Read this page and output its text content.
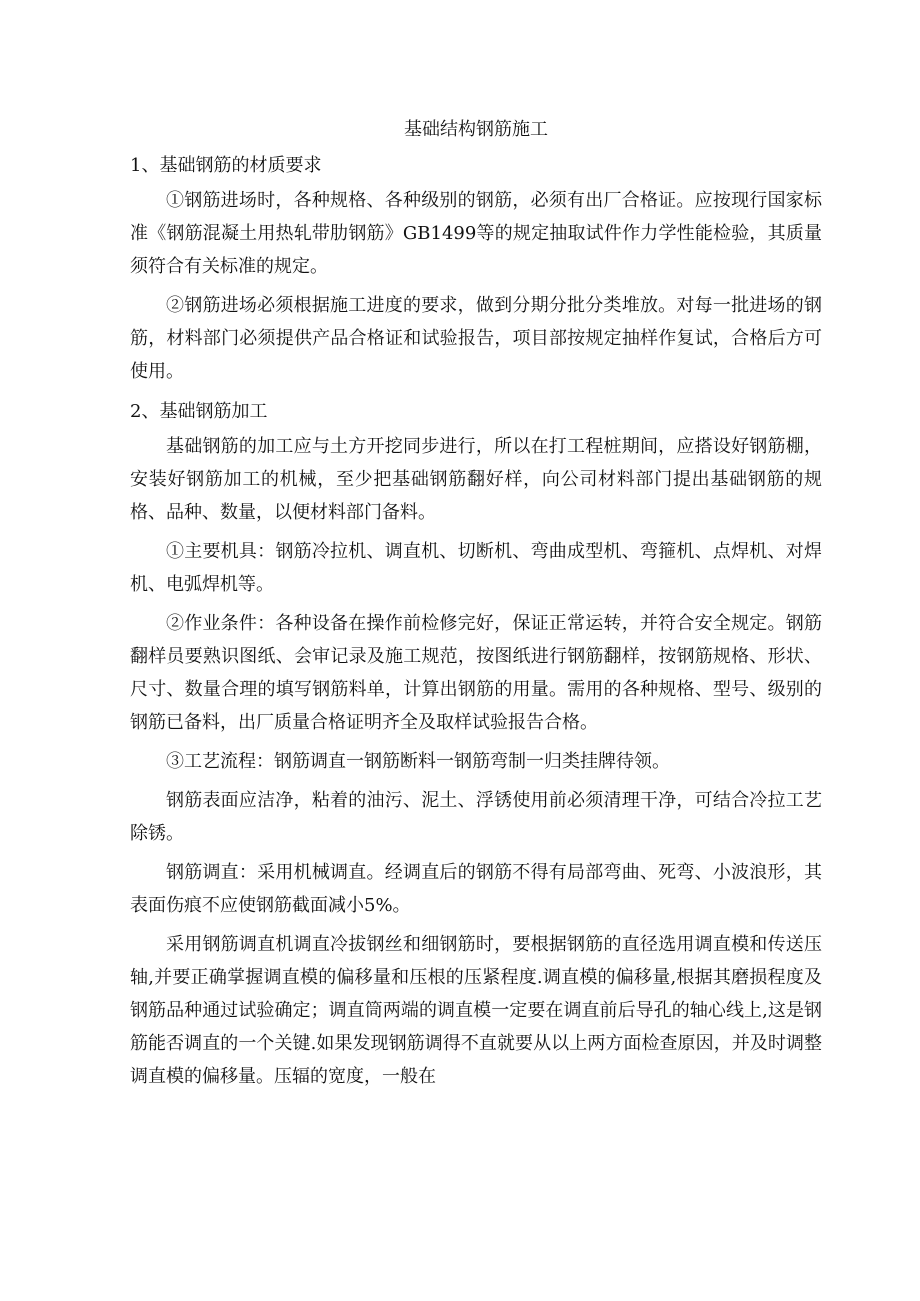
基础结构钢筋施工

1、基础钢筋的材质要求

①钢筋进场时，各种规格、各种级别的钢筋，必须有出厂合格证。应按现行国家标准《钢筋混凝土用热轧带肋钢筋》GB1499等的规定抽取试件作力学性能检验，其质量须符合有关标准的规定。

②钢筋进场必须根据施工进度的要求，做到分期分批分类堆放。对每一批进场的钢筋，材料部门必须提供产品合格证和试验报告，项目部按规定抽样作复试，合格后方可使用。

2、基础钢筋加工

基础钢筋的加工应与土方开挖同步进行，所以在打工程桩期间，应搭设好钢筋棚，安装好钢筋加工的机械，至少把基础钢筋翻好样，向公司材料部门提出基础钢筋的规格、品种、数量，以便材料部门备料。

①主要机具：钢筋冷拉机、调直机、切断机、弯曲成型机、弯箍机、点焊机、对焊机、电弧焊机等。

②作业条件：各种设备在操作前检修完好，保证正常运转，并符合安全规定。钢筋翻样员要熟识图纸、会审记录及施工规范，按图纸进行钢筋翻样，按钢筋规格、形状、尺寸、数量合理的填写钢筋料单，计算出钢筋的用量。需用的各种规格、型号、级别的钢筋已备料，出厂质量合格证明齐全及取样试验报告合格。

③工艺流程：钢筋调直一钢筋断料一钢筋弯制一归类挂牌待领。

钢筋表面应洁净，粘着的油污、泥土、浮锈使用前必须清理干净，可结合冷拉工艺除锈。

钢筋调直：采用机械调直。经调直后的钢筋不得有局部弯曲、死弯、小波浪形，其表面伤痕不应使钢筋截面减小5%。

采用钢筋调直机调直冷拔钢丝和细钢筋时，要根据钢筋的直径选用调直模和传送压轴,并要正确掌握调直模的偏移量和压根的压紧程度.调直模的偏移量,根据其磨损程度及钢筋品种通过试验确定；调直筒两端的调直模一定要在调直前后导孔的轴心线上,这是钢筋能否调直的一个关键.如果发现钢筋调得不直就要从以上两方面检查原因，并及时调整调直模的偏移量。压辐的宽度，一般在
